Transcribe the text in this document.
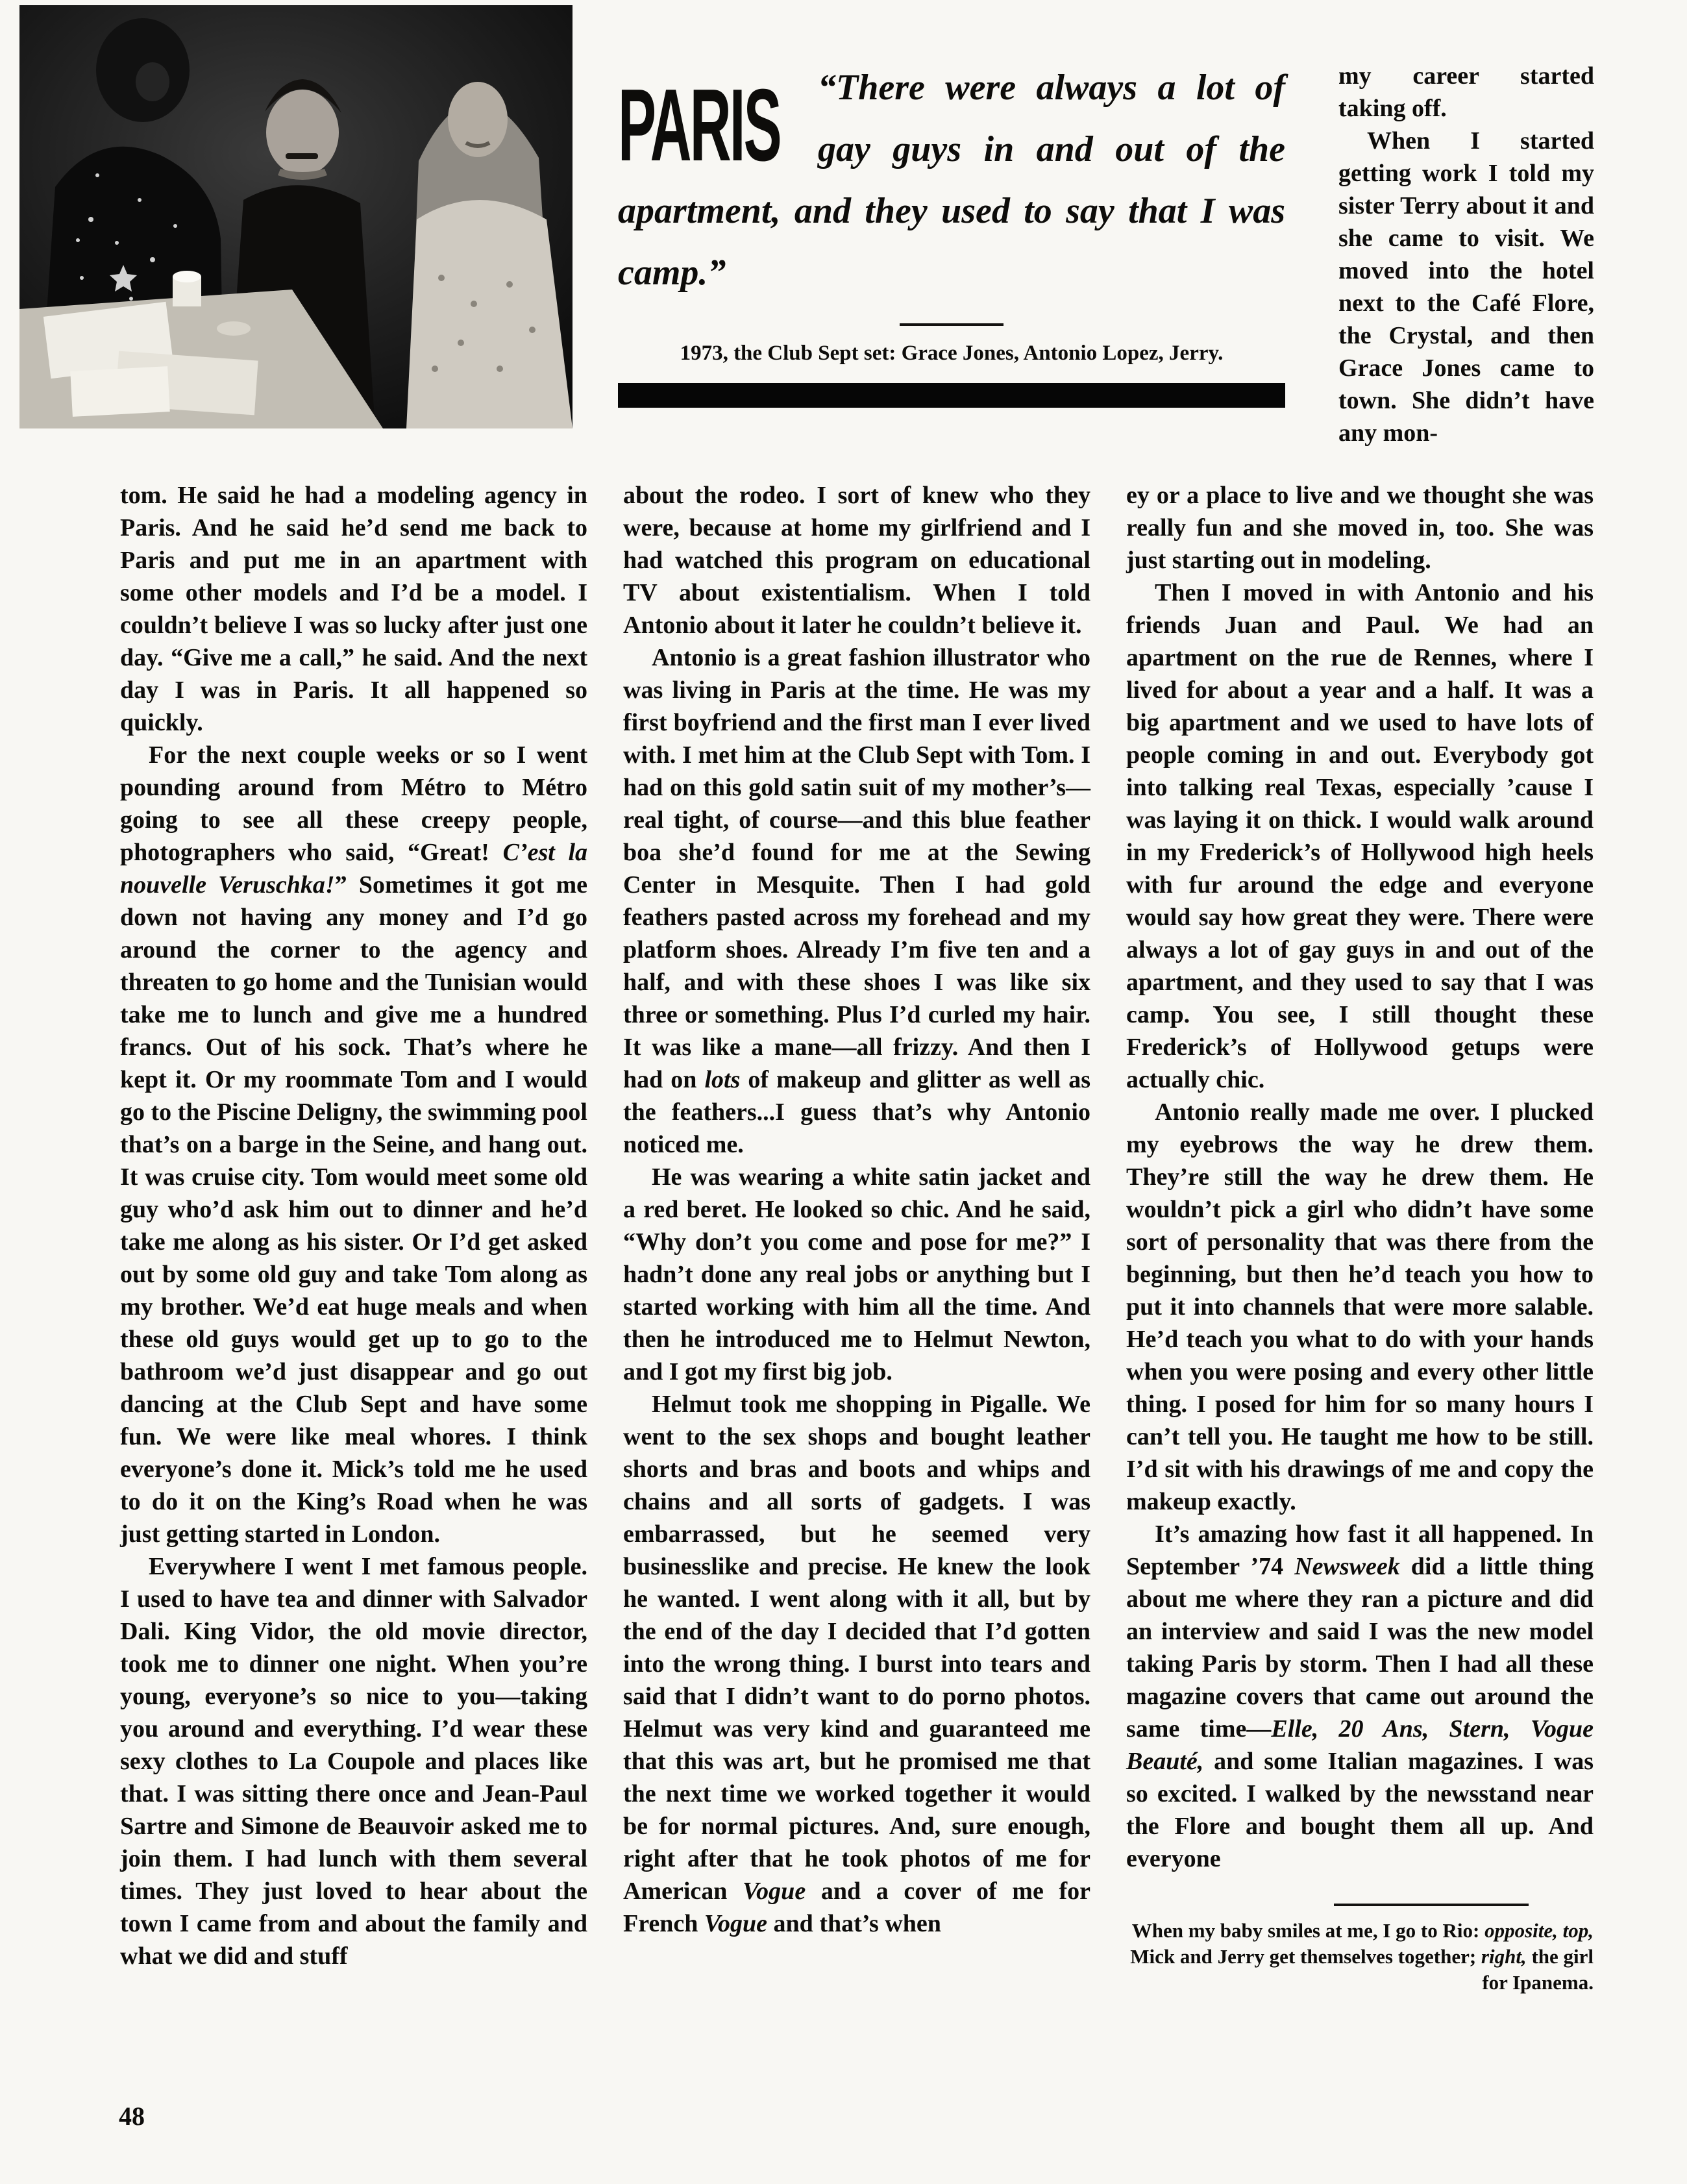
PARIS	“There were always a lot of gay guys in and out of the apartment, and they used to say that I was camp.”
1973, the Club Sept set: Grace Jones, Antonio Lopez, Jerry.

my career started taking off.

When I started getting work I told my sister Terry about it and she came to visit. We moved into the hotel next to the Café Flore, the Crystal, and then Grace Jones came to town. She didn’t have any mon-

tom. He said he had a modeling agency in Paris. And he said he’d send me back to Paris and put me in an apartment with some other models and I’d be a model. I couldn’t believe I was so lucky after just one day. “Give me a call,” he said. And the next day I was in Paris. It all happened so quickly.

For the next couple weeks or so I went pounding around from Métro to Métro going to see all these creepy people, photographers who said, “Great! C’est la nouvelle Veruschka!” Sometimes it got me down not having any money and I’d go around the corner to the agency and threaten to go home and the Tunisian would take me to lunch and give me a hundred francs. Out of his sock. That’s where he kept it. Or my roommate Tom and I would go to the Piscine Deligny, the swimming pool that’s on a barge in the Seine, and hang out. It was cruise city. Tom would meet some old guy who’d ask him out to dinner and he’d take me along as his sister. Or I’d get asked out by some old guy and take Tom along as my brother. We’d eat huge meals and when these old guys would get up to go to the bathroom we’d just disappear and go out dancing at the Club Sept and have some fun. We were like meal whores. I think everyone’s done it. Mick’s told me he used to do it on the King’s Road when he was just getting started in London.

Everywhere I went I met famous people. I used to have tea and dinner with Salvador Dali. King Vidor, the old movie director, took me to dinner one night. When you’re young, everyone’s so nice to you—taking you around and everything. I’d wear these sexy clothes to La Coupole and places like that. I was sitting there once and Jean-Paul Sartre and Simone de Beauvoir asked me to join them. I had lunch with them several times. They just loved to hear about the town I came from and about the family and what we did and stuff

about the rodeo. I sort of knew who they were, because at home my girlfriend and I had watched this program on educational TV about existentialism. When I told Antonio about it later he couldn’t believe it.

Antonio is a great fashion illustrator who was living in Paris at the time. He was my first boyfriend and the first man I ever lived with. I met him at the Club Sept with Tom. I had on this gold satin suit of my mother’s—real tight, of course—and this blue feather boa she’d found for me at the Sewing Center in Mesquite. Then I had gold feathers pasted across my forehead and my platform shoes. Already I’m five ten and a half, and with these shoes I was like six three or something. Plus I’d curled my hair. It was like a mane—all frizzy. And then I had on lots of makeup and glitter as well as the feathers...I guess that’s why Antonio noticed me.

He was wearing a white satin jacket and a red beret. He looked so chic. And he said, “Why don’t you come and pose for me?” I hadn’t done any real jobs or anything but I started working with him all the time. And then he introduced me to Helmut Newton, and I got my first big job.

Helmut took me shopping in Pigalle. We went to the sex shops and bought leather shorts and bras and boots and whips and chains and all sorts of gadgets. I was embarrassed, but he seemed very businesslike and precise. He knew the look he wanted. I went along with it all, but by the end of the day I decided that I’d gotten into the wrong thing. I burst into tears and said that I didn’t want to do porno photos. Helmut was very kind and guaranteed me that this was art, but he promised me that the next time we worked together it would be for normal pictures. And, sure enough, right after that he took photos of me for American Vogue and a cover of me for French Vogue and that’s when

ey or a place to live and we thought she was really fun and she moved in, too. She was just starting out in modeling.

Then I moved in with Antonio and his friends Juan and Paul. We had an apartment on the rue de Rennes, where I lived for about a year and a half. It was a big apartment and we used to have lots of people coming in and out. Everybody got into talking real Texas, especially ’cause I was laying it on thick. I would walk around in my Frederick’s of Hollywood high heels with fur around the edge and everyone would say how great they were. There were always a lot of gay guys in and out of the apartment, and they used to say that I was camp. You see, I still thought these Frederick’s of Hollywood getups were actually chic.

Antonio really made me over. I plucked my eyebrows the way he drew them. They’re still the way he drew them. He wouldn’t pick a girl who didn’t have some sort of personality that was there from the beginning, but then he’d teach you how to put it into channels that were more salable. He’d teach you what to do with your hands when you were posing and every other little thing. I posed for him for so many hours I can’t tell you. He taught me how to be still. I’d sit with his drawings of me and copy the makeup exactly.

It’s amazing how fast it all happened. In September ’74 Newsweek did a little thing about me where they ran a picture and did an interview and said I was the new model taking Paris by storm. Then I had all these magazine covers that came out around the same time—Elle, 20 Ans, Stern, Vogue Beauté, and some Italian magazines. I was so excited. I walked by the newsstand near the Flore and bought them all up. And everyone

When my baby smiles at me, I go to Rio: opposite, top, Mick and Jerry get themselves together; right, the girl for Ipanema.

48
